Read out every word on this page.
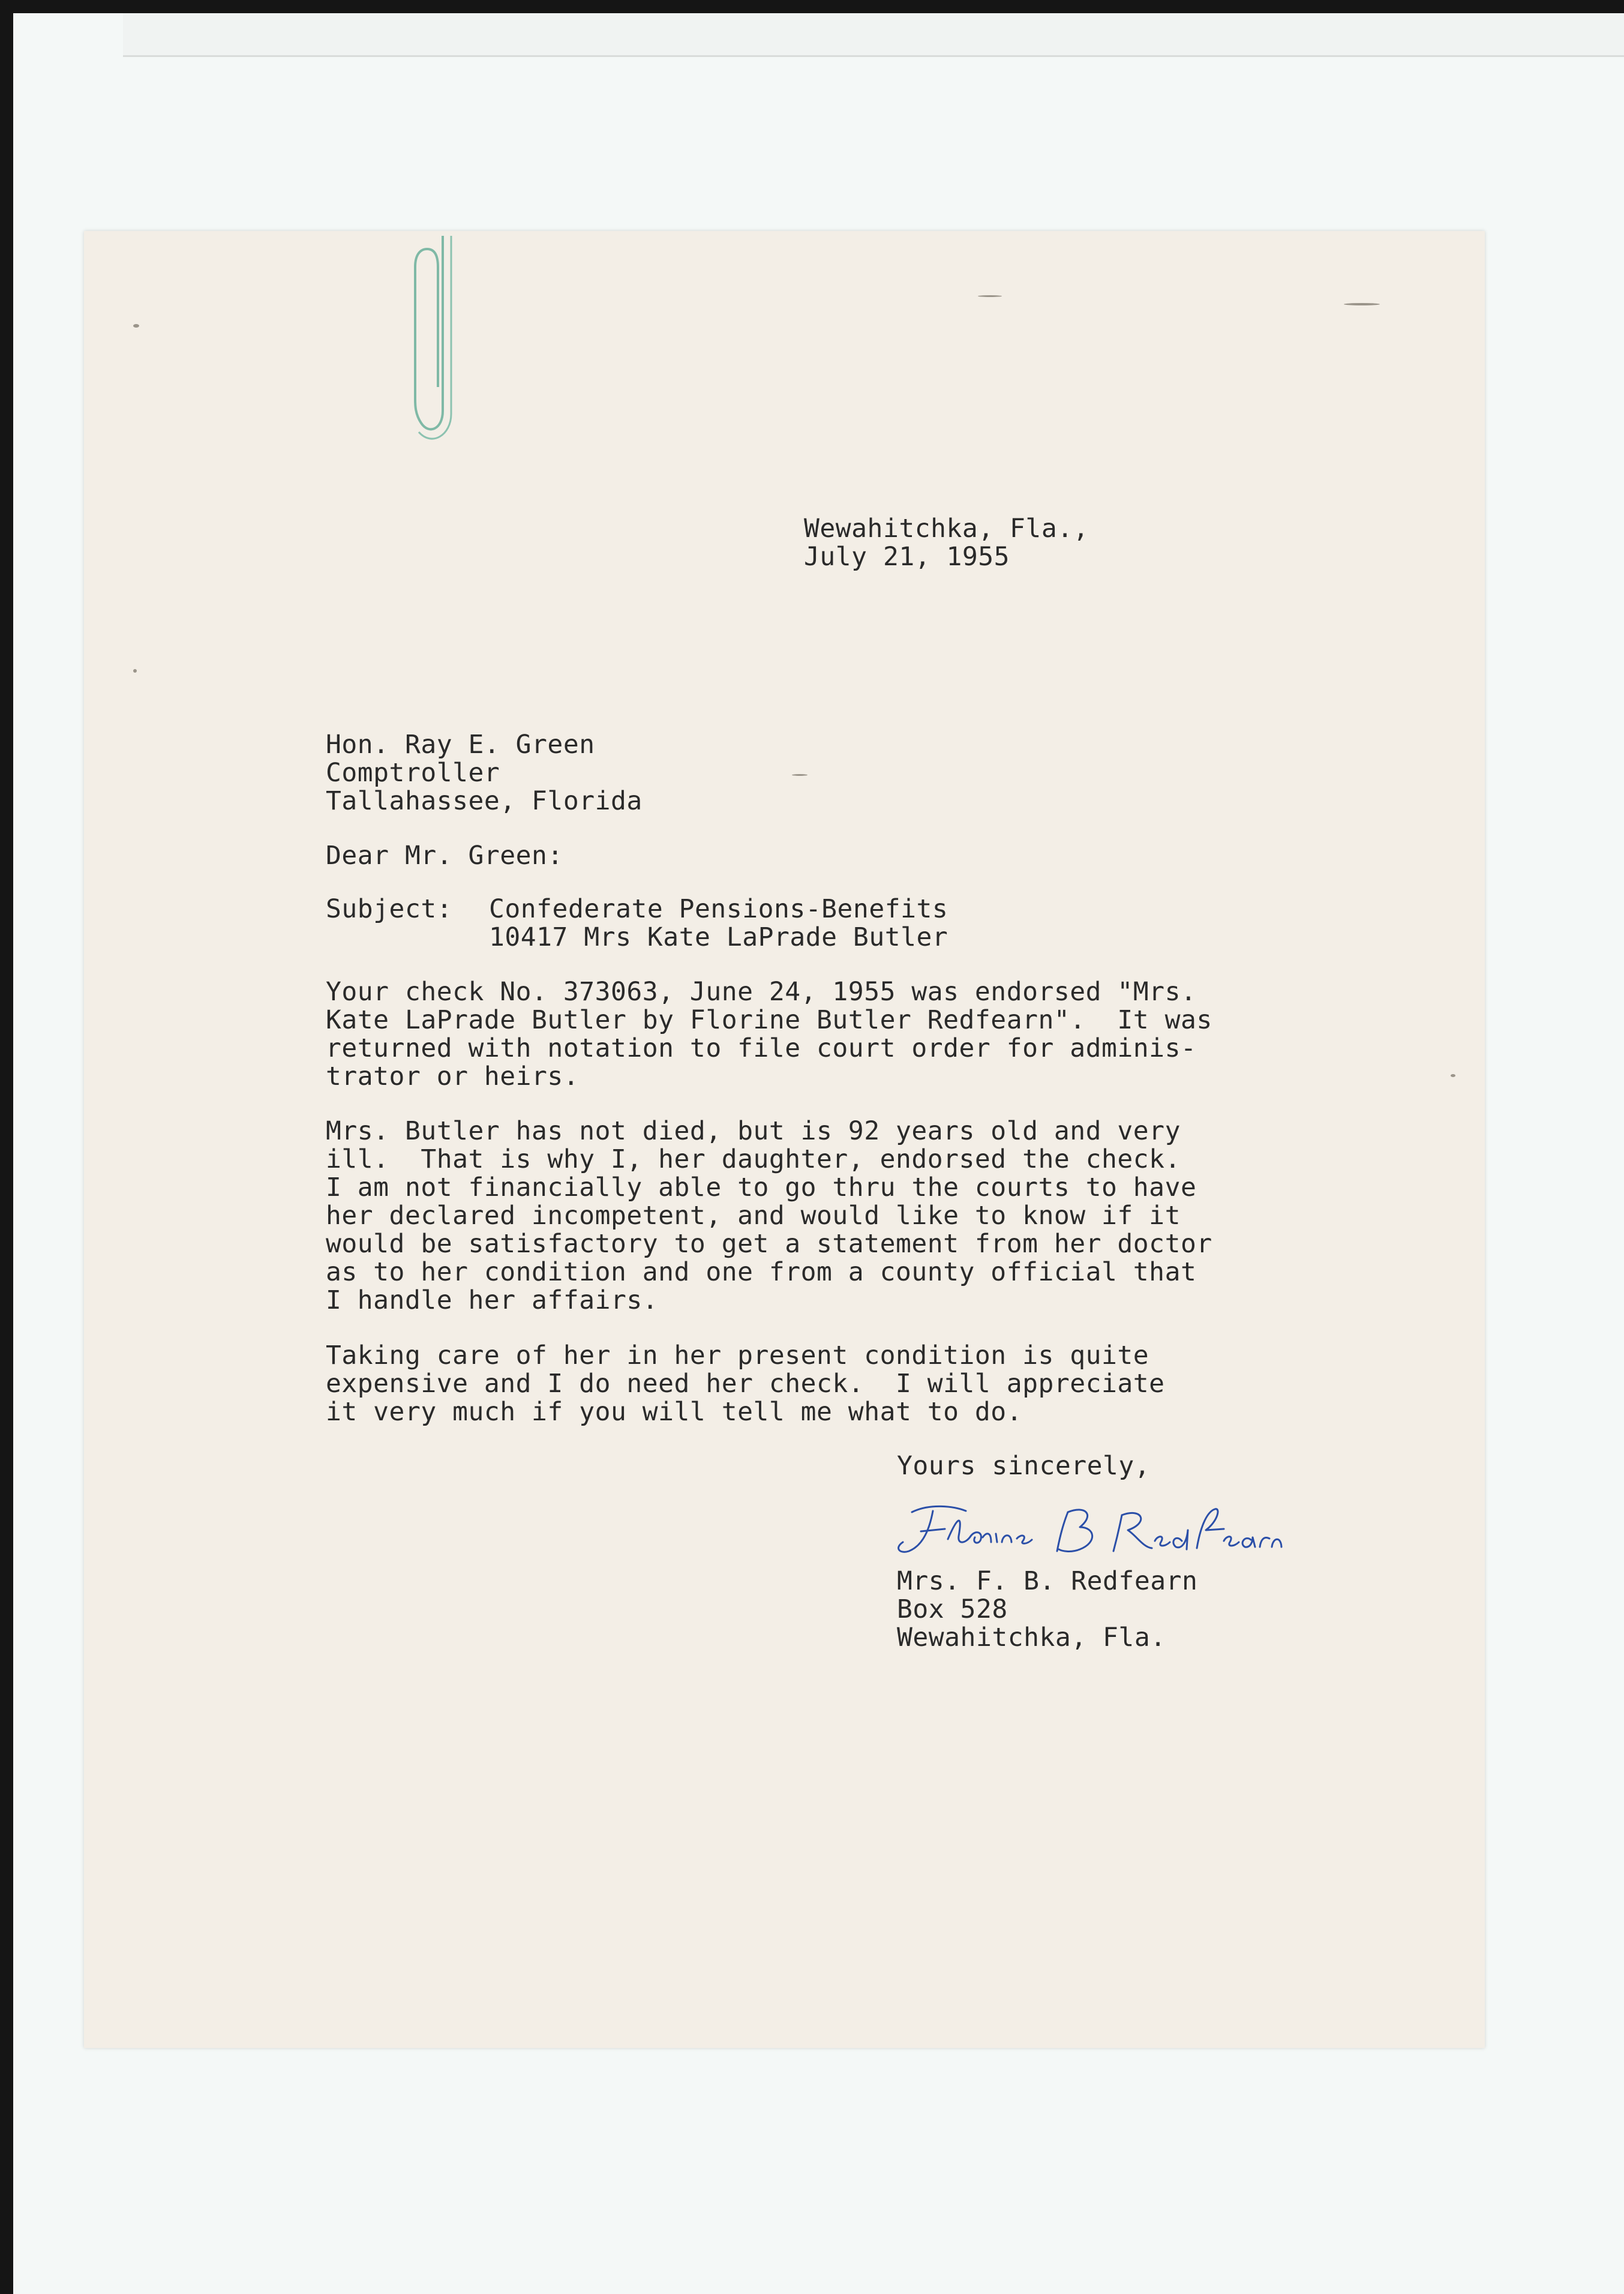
Wewahitchka, Fla.,
July 21, 1955
Hon. Ray E. Green
Comptroller
Tallahassee, Florida
Dear Mr. Green:
Subject: Confederate Pensions-Benefits
10417 Mrs Kate LaPrade Butler
Your check No. 373063, June 24, 1955 was endorsed "Mrs.
Kate LaPrade Butler by Florine Butler Redfearn".  It was
returned with notation to file court order for adminis-
trator or heirs.
Mrs. Butler has not died, but is 92 years old and very
ill.  That is why I, her daughter, endorsed the check.
I am not financially able to go thru the courts to have
her declared incompetent, and would like to know if it
would be satisfactory to get a statement from her doctor
as to her condition and one from a county official that
I handle her affairs.
Taking care of her in her present condition is quite
expensive and I do need her check.  I will appreciate
it very much if you will tell me what to do.
Yours sincerely,
Mrs. F. B. Redfearn
Box 528
Wewahitchka, Fla.
